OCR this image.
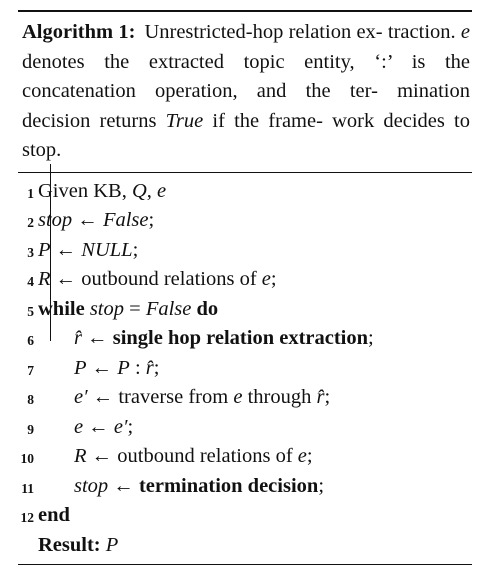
Algorithm 1: Unrestricted-hop relation ex- traction. e denotes the extracted topic entity, ‘:’ is the concatenation operation, and the ter- mination decision returns True if the frame- work decides to stop.
1 Given KB, Q, e
2 stop ← False;
3 P ← NULL;
4 R ← outbound relations of e;
5 while stop = False do
6 r̂ ← single hop relation extraction;
7 P ← P : r̂;
8 e′ ← traverse from e through r̂;
9 e ← e′;
10 R ← outbound relations of e;
11 stop ← termination decision;
12 end
Result: P
